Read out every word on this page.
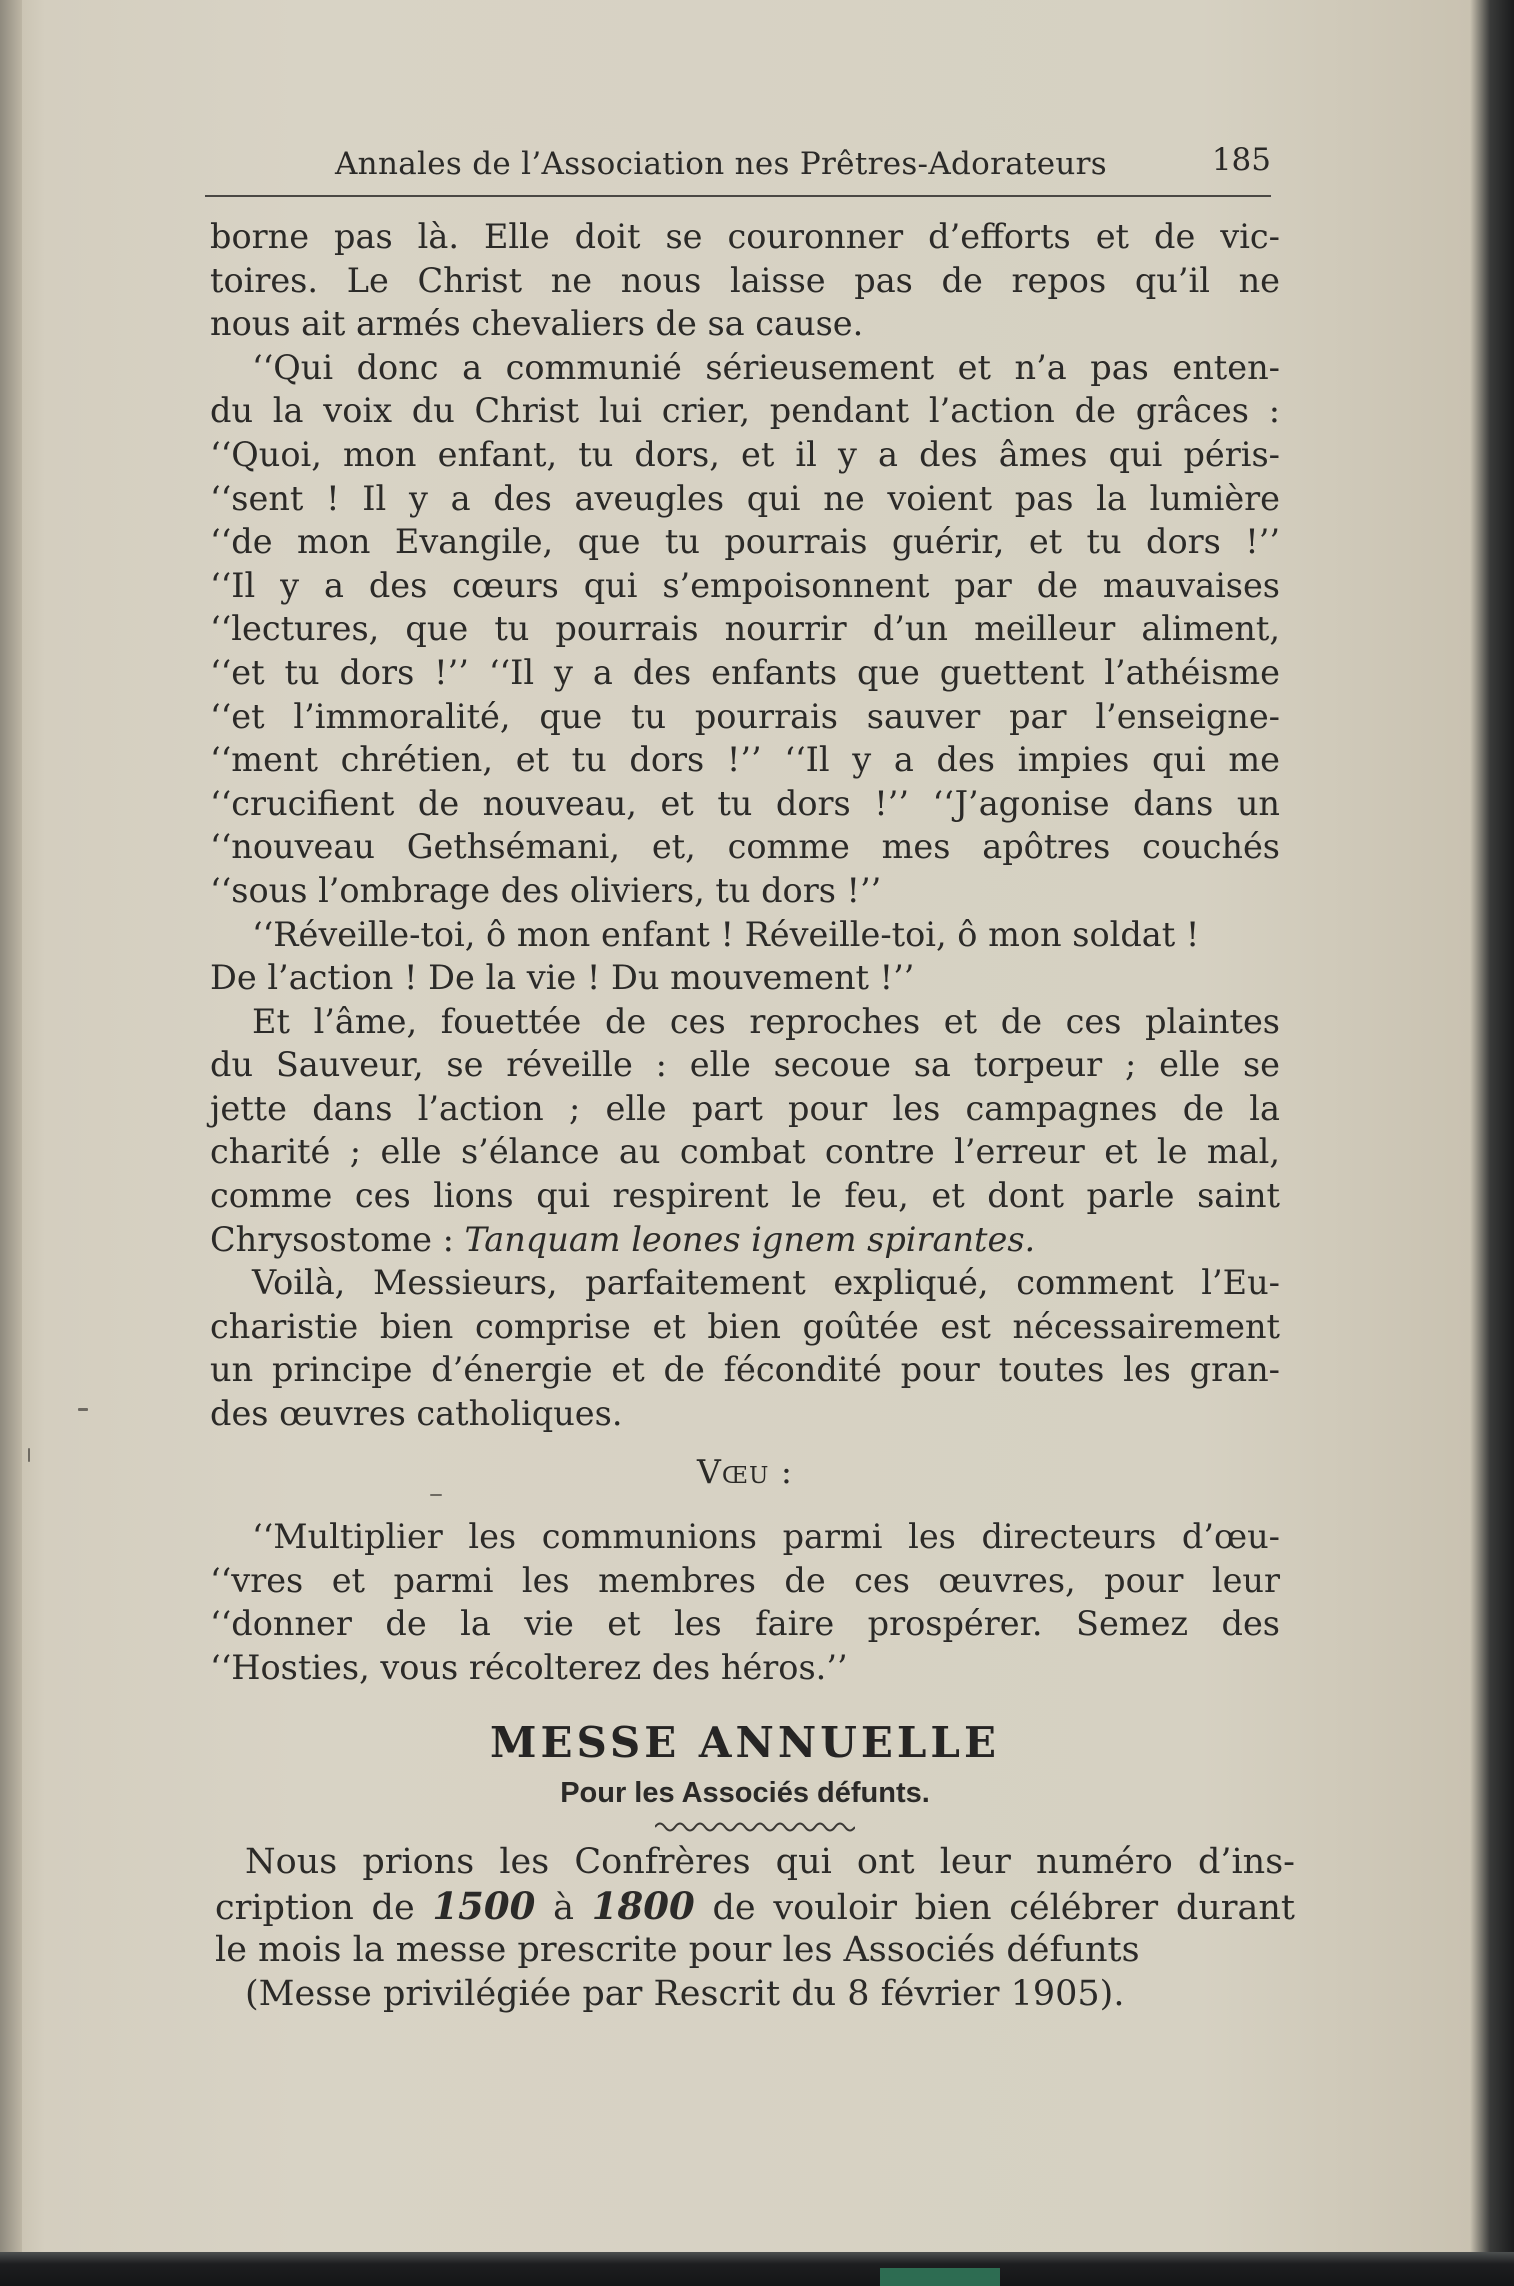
Annales de l’Association nes Prêtres-Adorateurs	185
borne pas là. Elle doit se couronner d’efforts et de vic-
toires. Le Christ ne nous laisse pas de repos qu’il ne
nous ait armés chevaliers de sa cause.
‘‘Qui donc a communié sérieusement et n’a pas enten-
du la voix du Christ lui crier, pendant l’action de grâces :
‘‘Quoi, mon enfant, tu dors, et il y a des âmes qui péris-
‘‘sent ! Il y a des aveugles qui ne voient pas la lumière
‘‘de mon Evangile, que tu pourrais guérir, et tu dors !’’
‘‘Il y a des cœurs qui s’empoisonnent par de mauvaises
‘‘lectures, que tu pourrais nourrir d’un meilleur aliment,
‘‘et tu dors !’’ ‘‘Il y a des enfants que guettent l’athéisme
‘‘et l’immoralité, que tu pourrais sauver par l’enseigne-
‘‘ment chrétien, et tu dors !’’ ‘‘Il y a des impies qui me
‘‘crucifient de nouveau, et tu dors !’’ ‘‘J’agonise dans un
‘‘nouveau Gethsémani, et, comme mes apôtres couchés
‘‘sous l’ombrage des oliviers, tu dors !’’
‘‘Réveille-toi, ô mon enfant ! Réveille-toi, ô mon soldat !
De l’action ! De la vie ! Du mouvement !’’
Et l’âme, fouettée de ces reproches et de ces plaintes
du Sauveur, se réveille : elle secoue sa torpeur ; elle se
jette dans l’action ; elle part pour les campagnes de la
charité ; elle s’élance au combat contre l’erreur et le mal,
comme ces lions qui respirent le feu, et dont parle saint
Chrysostome : Tanquam leones ignem spirantes.
Voilà, Messieurs, parfaitement expliqué, comment l’Eu-
charistie bien comprise et bien goûtée est nécessairement
un principe d’énergie et de fécondité pour toutes les gran-
des œuvres catholiques.
Vœu :
‘‘Multiplier les communions parmi les directeurs d’œu-
‘‘vres et parmi les membres de ces œuvres, pour leur
‘‘donner de la vie et les faire prospérer. Semez des
‘‘Hosties, vous récolterez des héros.’’
MESSE ANNUELLE
Pour les Associés défunts.
Nous prions les Confrères qui ont leur numéro d’ins-
cription de 1500 à 1800 de vouloir bien célébrer durant
le mois la messe prescrite pour les Associés défunts
(Messe privilégiée par Rescrit du 8 février 1905).
